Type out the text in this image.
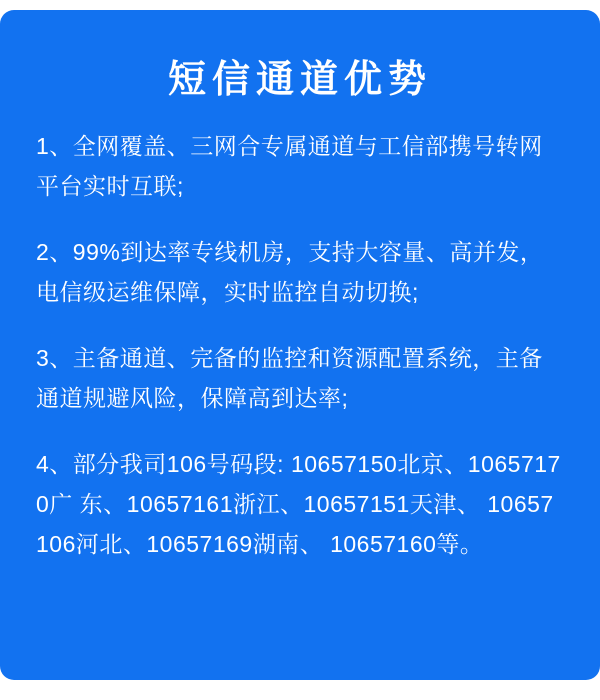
短信通道优势

1、全网覆盖、三网合专属通道与工信部携号转网平台实时互联;

2、99%到达率专线机房，支持大容量、高并发，电信级运维保障，实时监控自动切换;

3、主备通道、完备的监控和资源配置系统，主备通道规避风险，保障高到达率;

4、部分我司106号码段: 10657150北京、10657170广 东、10657161浙江、10657151天津、 10657106河北、10657169湖南、 10657160等。
